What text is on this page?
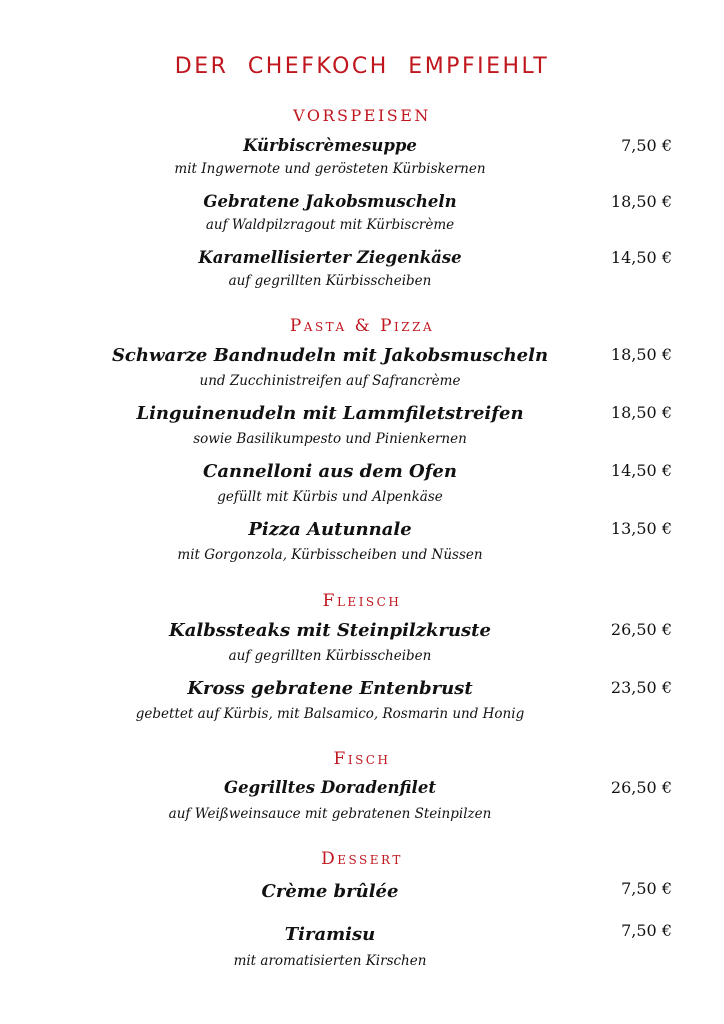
DER CHEFKOCH EMPFIEHLT
VORSPEISEN
Kürbiscrèmesuppe	7,50 €
mit Ingwernote und gerösteten Kürbiskernen
Gebratene Jakobsmuscheln	18,50 €
auf Waldpilzragout mit Kürbiscrème
Karamellisierter Ziegenkäse	14,50 €
auf gegrillten Kürbisscheiben
Pasta & Pizza
Schwarze Bandnudeln mit Jakobsmuscheln	18,50 €
und Zucchinistreifen auf Safrancrème
Linguinenudeln mit Lammfiletstreifen	18,50 €
sowie Basilikumpesto und Pinienkernen
Cannelloni aus dem Ofen	14,50 €
gefüllt mit Kürbis und Alpenkäse
Pizza Autunnale	13,50 €
mit Gorgonzola, Kürbisscheiben und Nüssen
Fleisch
Kalbssteaks mit Steinpilzkruste	26,50 €
auf gegrillten Kürbisscheiben
Kross gebratene Entenbrust	23,50 €
gebettet auf Kürbis, mit Balsamico, Rosmarin und Honig
Fisch
Gegrilltes Doradenfilet	26,50 €
auf Weißweinsauce mit gebratenen Steinpilzen
Dessert
Crème brûlée	7,50 €
Tiramisu	7,50 €
mit aromatisierten Kirschen
